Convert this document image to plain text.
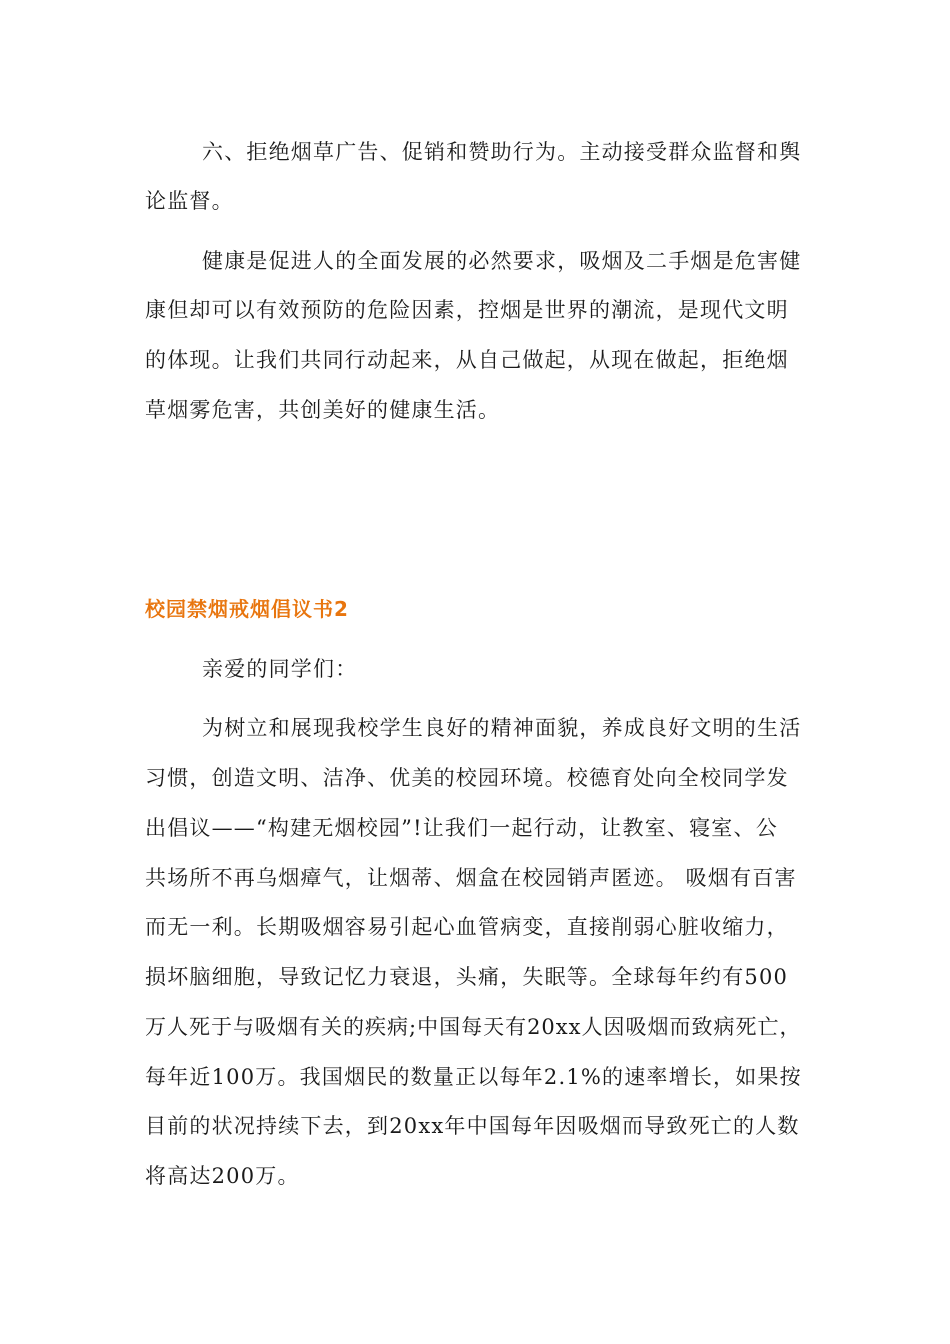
六、拒绝烟草广告、促销和赞助行为。主动接受群众监督和舆
论监督。
健康是促进人的全面发展的必然要求，吸烟及二手烟是危害健
康但却可以有效预防的危险因素，控烟是世界的潮流，是现代文明
的体现。让我们共同行动起来，从自己做起，从现在做起，拒绝烟
草烟雾危害，共创美好的健康生活。
校园禁烟戒烟倡议书2
亲爱的同学们：
为树立和展现我校学生良好的精神面貌，养成良好文明的生活
习惯，创造文明、洁净、优美的校园环境。校德育处向全校同学发
出倡议——“构建无烟校园”!让我们一起行动，让教室、寝室、公
共场所不再乌烟瘴气，让烟蒂、烟盒在校园销声匿迹。 吸烟有百害
而无一利。长期吸烟容易引起心血管病变，直接削弱心脏收缩力，
损坏脑细胞，导致记忆力衰退，头痛，失眠等。全球每年约有500
万人死于与吸烟有关的疾病;中国每天有20xx人因吸烟而致病死亡，
每年近100万。我国烟民的数量正以每年2.1%的速率增长，如果按
目前的状况持续下去，到20xx年中国每年因吸烟而导致死亡的人数
将高达200万。
